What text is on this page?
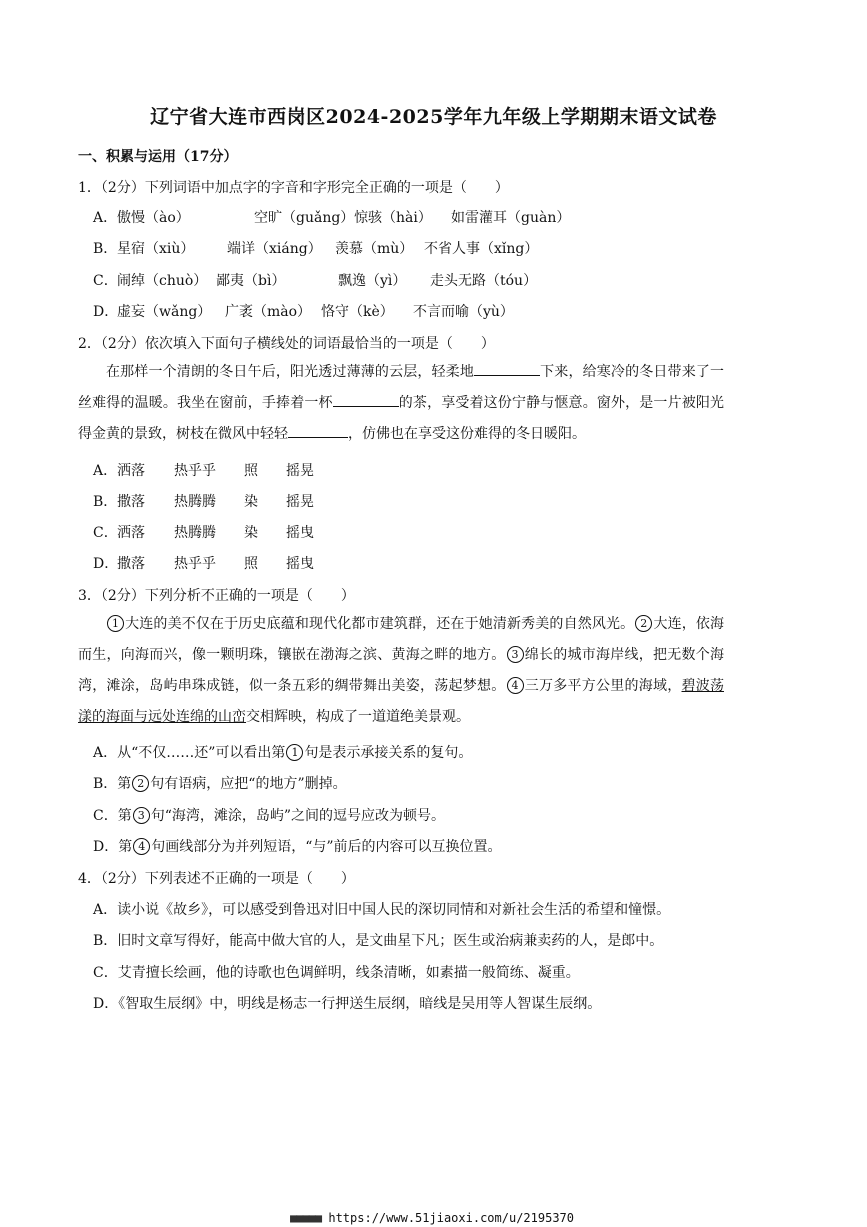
辽宁省大连市西岗区2024-2025学年九年级上学期期末语文试卷
一、积累与运用（17分）
1．（2分）下列词语中加点字的字音和字形完全正确的一项是（　　）
A．傲慢（ào）	空旷（guǎng）惊骇（hài） 如雷灌耳（guàn）
B．星宿（xiù） 端详（xiáng） 羡慕（mù） 不省人事（xǐng）
C．闹绰（chuò） 鄙夷（bì）	飘逸（yì） 走头无路（tóu）
D．虚妄（wǎng） 广袤（mào） 恪守（kè） 不言而喻（yù）
2．（2分）依次填入下面句子横线处的词语最恰当的一项是（　　）
在那样一个清朗的冬日午后，阳光透过薄薄的云层，轻柔地	下来，给寒冷的冬日带来了一丝难得的温暖。我坐在窗前，手捧着一杯	的茶，享受着这份宁静与惬意。窗外，是一片被阳光得金黄的景致，树枝在微风中轻轻	，仿佛也在享受这份难得的冬日暖阳。
A．洒落 热乎乎 照 摇晃
B．撒落 热腾腾 染 摇晃
C．洒落 热腾腾 染 摇曳
D．撒落 热乎乎 照 摇曳
3．（2分）下列分析不正确的一项是（　　）
1 大连的美不仅在于历史底蕴和现代化都市建筑群，还在于她清新秀美的自然风光。 2 大连，依海而生，向海而兴，像一颗明珠，镶嵌在渤海之滨、黄海之畔的地方。 3 绵长的城市海岸线，把无数个海湾，滩涂，岛屿串珠成链，似一条五彩的绸带舞出美姿，荡起梦想。 4 三万多平方公里的海域，碧波荡漾的海面与远处连绵的山峦交相辉映，构成了一道道绝美景观。
A．从“不仅……还”可以看出第 1 句是表示承接关系的复句。
B．第 2 句有语病，应把“的地方”删掉。
C．第 3 句“海湾，滩涂，岛屿”之间的逗号应改为顿号。
D．第 4 句画线部分为并列短语，“与”前后的内容可以互换位置。
4．（2分）下列表述不正确的一项是（　　）
A．读小说《故乡》，可以感受到鲁迅对旧中国人民的深切同情和对新社会生活的希望和憧憬。
B．旧时文章写得好，能高中做大官的人，是文曲星下凡；医生或治病兼卖药的人，是郎中。
C．艾青擅长绘画，他的诗歌也色调鲜明，线条清晰，如素描一般简练、凝重。
D．《智取生辰纲》中，明线是杨志一行押送生辰纲，暗线是吴用等人智谋生辰纲。
■■■■■ https://www.51jiaoxi.com/u/2195370
